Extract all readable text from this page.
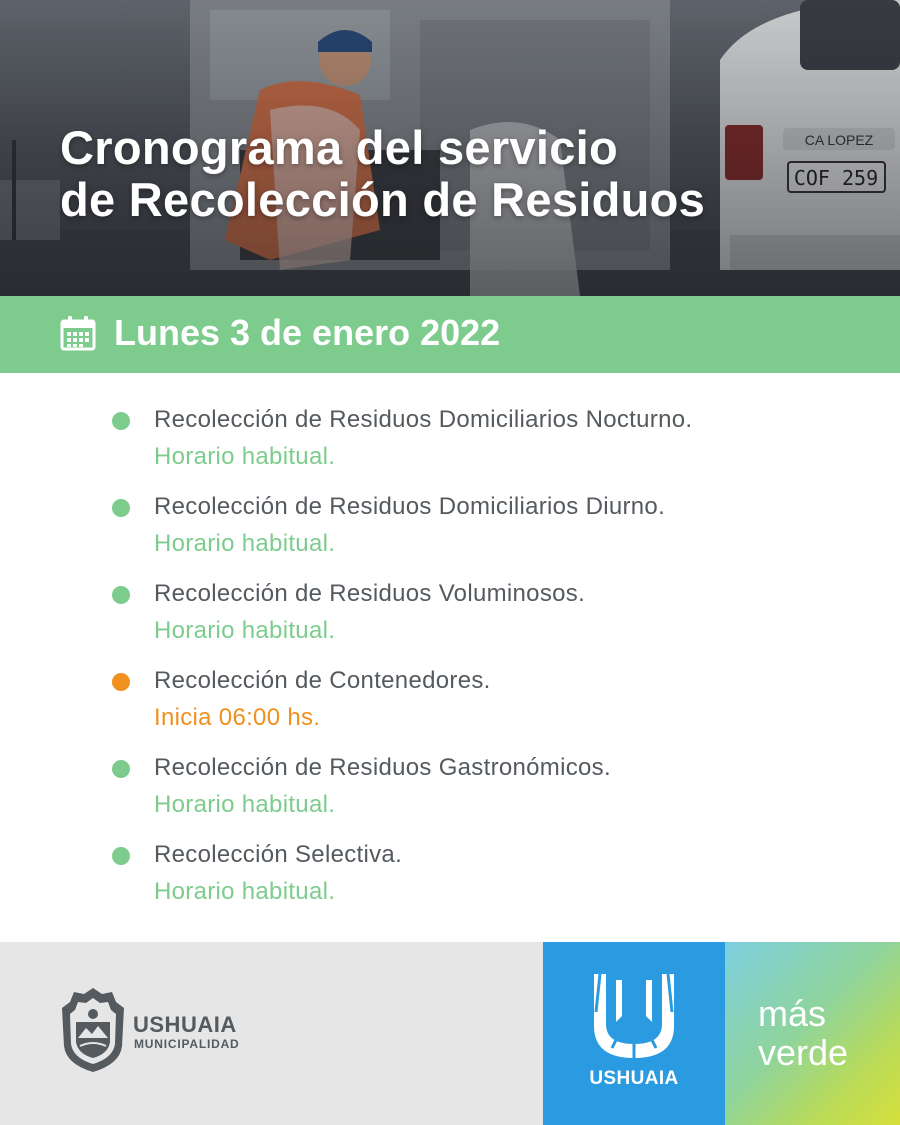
Cronograma del servicio
de Recolección de Residuos
Lunes 3 de enero 2022
Recolección de Residuos Domiciliarios Nocturno.
Horario habitual.
Recolección de Residuos Domiciliarios Diurno.
Horario habitual.
Recolección de Residuos Voluminosos.
Horario habitual.
Recolección de Contenedores.
Inicia 06:00 hs.
Recolección de Residuos Gastronómicos.
Horario habitual.
Recolección Selectiva.
Horario habitual.
USHUAIA
MUNICIPALIDAD
USHUAIA
más
verde
